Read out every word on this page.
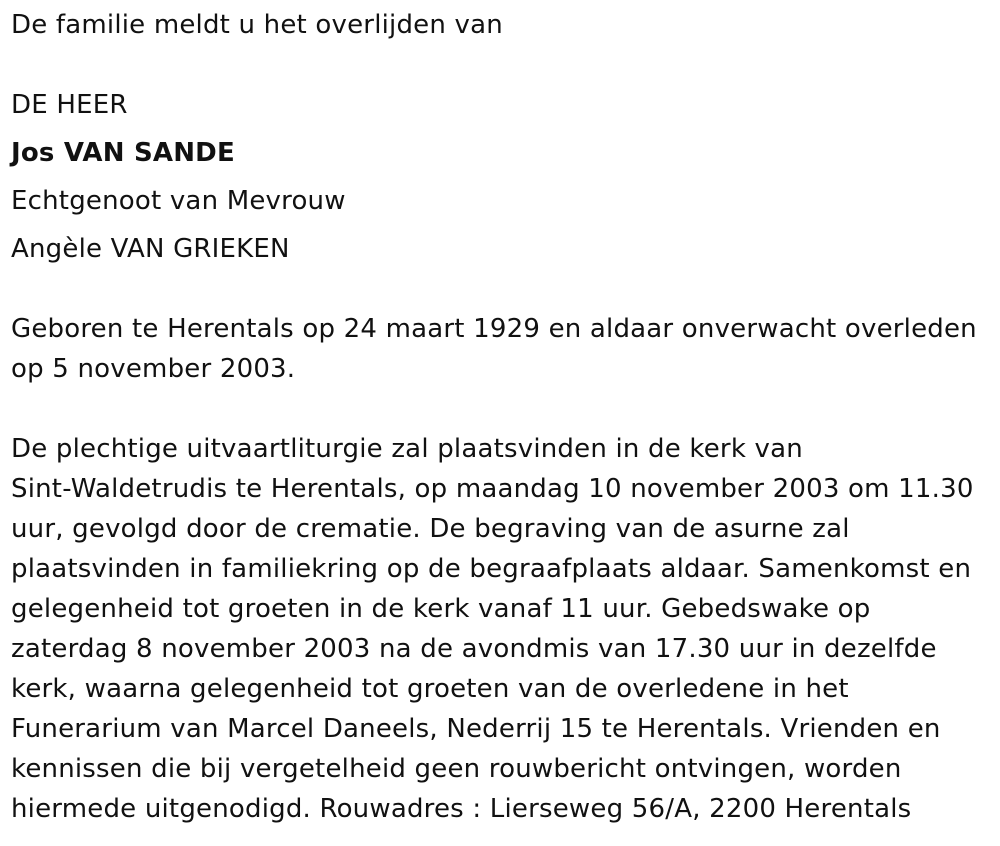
De familie meldt u het overlijden van
DE HEER
Jos VAN SANDE
Echtgenoot van Mevrouw
Angèle VAN GRIEKEN
Geboren te Herentals op 24 maart 1929 en aldaar onverwacht overleden
op 5 november 2003.
De plechtige uitvaartliturgie zal plaatsvinden in de kerk van
Sint-Waldetrudis te Herentals, op maandag 10 november 2003 om 11.30
uur, gevolgd door de crematie. De begraving van de asurne zal
plaatsvinden in familiekring op de begraafplaats aldaar. Samenkomst en
gelegenheid tot groeten in de kerk vanaf 11 uur. Gebedswake op
zaterdag 8 november 2003 na de avondmis van 17.30 uur in dezelfde
kerk, waarna gelegenheid tot groeten van de overledene in het
Funerarium van Marcel Daneels, Nederrij 15 te Herentals. Vrienden en
kennissen die bij vergetelheid geen rouwbericht ontvingen, worden
hiermede uitgenodigd. Rouwadres : Lierseweg 56/A, 2200 Herentals
